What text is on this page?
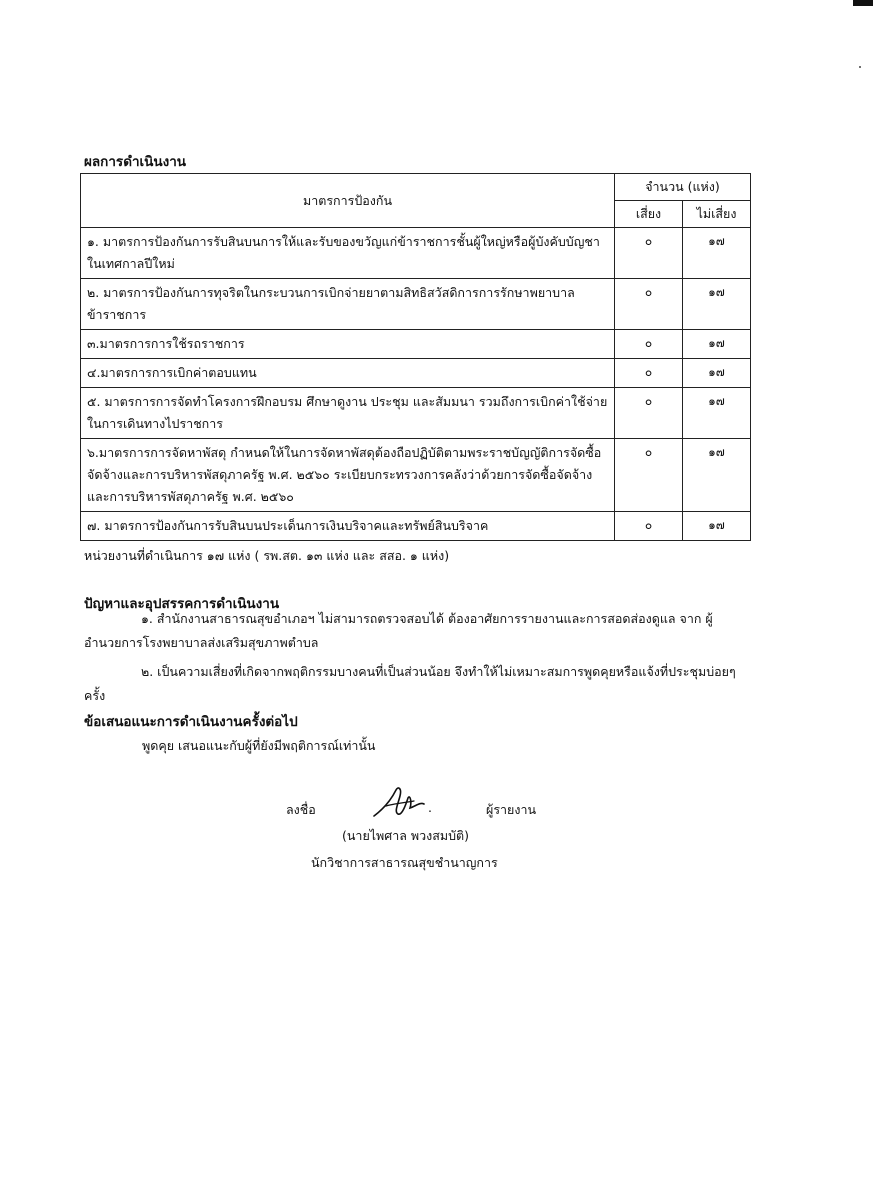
ผลการดำเนินงาน
มาตรการป้องกัน	จำนวน (แห่ง)	
	เสี่ยง	ไม่เสี่ยง
๑. มาตรการป้องกันการรับสินบนการให้และรับของขวัญแก่ข้าราชการชั้นผู้ใหญ่หรือผู้บังคับบัญชาในเทศกาลปีใหม่	๐	๑๗
๒. มาตรการป้องกันการทุจริตในกระบวนการเบิกจ่ายยาตามสิทธิสวัสดิการการรักษาพยาบาลข้าราชการ	๐	๑๗
๓.มาตรการการใช้รถราชการ	๐	๑๗
๔.มาตรการการเบิกค่าตอบแทน	๐	๑๗
๕. มาตรการการจัดทำโครงการฝึกอบรม ศึกษาดูงาน ประชุม และสัมมนา รวมถึงการเบิกค่าใช้จ่ายในการเดินทางไปราชการ	๐	๑๗
๖.มาตรการการจัดหาพัสดุ กำหนดให้ในการจัดหาพัสดุต้องถือปฏิบัติตามพระราชบัญญัติการจัดซื้อจัดจ้างและการบริหารพัสดุภาครัฐ พ.ศ. ๒๕๖๐ ระเบียบกระทรวงการคลังว่าด้วยการจัดซื้อจัดจ้างและการบริหารพัสดุภาครัฐ พ.ศ. ๒๕๖๐	๐	๑๗
๗. มาตรการป้องกันการรับสินบนประเด็นการเงินบริจาคและทรัพย์สินบริจาค	๐	๑๗
หน่วยงานที่ดำเนินการ ๑๗ แห่ง ( รพ.สต. ๑๓ แห่ง และ สสอ. ๑ แห่ง)
ปัญหาและอุปสรรคการดำเนินงาน
๑. สำนักงานสาธารณสุขอำเภอฯ ไม่สามารถตรวจสอบได้ ต้องอาศัยการรายงานและการสอดส่องดูแล จาก ผู้อำนวยการโรงพยาบาลส่งเสริมสุขภาพตำบล
๒. เป็นความเสี่ยงที่เกิดจากพฤติกรรมบางคนที่เป็นส่วนน้อย จึงทำให้ไม่เหมาะสมการพูดคุยหรือแจ้งที่ประชุมบ่อยๆครั้ง
ข้อเสนอแนะการดำเนินงานครั้งต่อไป
พูดคุย เสนอแนะกับผู้ที่ยังมีพฤติการณ์เท่านั้น
ลงชื่อ	.	ผู้รายงาน
(นายไพศาล พวงสมบัติ)
นักวิชาการสาธารณสุขชำนาญการ
